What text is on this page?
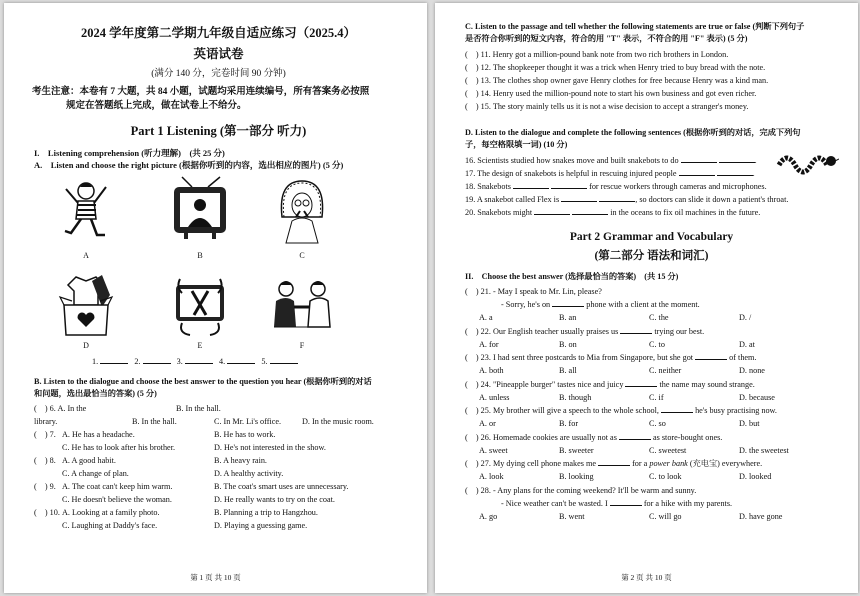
2024 学年度第二学期九年级自适应练习（2025.4）
英语试卷
(满分 140 分，完卷时间 90 分钟)
考生注意：本卷有 7 大题，共 84 小题，试题均采用连续编号，所有答案务必按照
规定在答题纸上完成，做在试卷上不给分。
Part 1 Listening (第一部分 听力)
I.　Listening comprehension (听力理解)　(共 25 分)
A.　Listen and choose the right picture (根据你听到的内容，选出相应的图片) (5 分)
A	B	C
D	E	F
1.	2.	3.	4.	5.
B. Listen to the dialogue and choose the best answer to the question you hear (根据你听到的对话
和问题，选出最恰当的答案) (5 分)
(　) 6. A. In the library.
B. In the hall.
B. In the hall.	C. In Mr. Li's office.	D. In the music room.
(　) 7. A. He has a headache.	B. He has to work.
C. He has to look after his brother.	D. He's not interested in the show.
(　) 8. A. A good habit.	B. A heavy rain.
C. A change of plan.	D. A healthy activity.
(　) 9. A. The coat can't keep him warm.	B. The coat's smart uses are unnecessary.
C. He doesn't believe the woman.	D. He really wants to try on the coat.
(　) 10. A. Looking at a family photo.	B. Planning a trip to Hangzhou.
C. Laughing at Daddy's face.	D. Playing a guessing game.
第 1 页 共 10 页
C. Listen to the passage and tell whether the following statements are true or false (判断下列句子
是否符合你听到的短文内容，符合的用 "T" 表示，不符合的用 "F" 表示) (5 分)
(　) 11. Henry got a million-pound bank note from two rich brothers in London.
(　) 12. The shopkeeper thought it was a trick when Henry tried to buy bread with the note.
(　) 13. The clothes shop owner gave Henry clothes for free because Henry was a kind man.
(　) 14. Henry used the million-pound note to start his own business and got even richer.
(　) 15. The story mainly tells us it is not a wise decision to accept a stranger's money.
D. Listen to the dialogue and complete the following sentences (根据你听到的对话，完成下列句
子，每空格限填一词) (10 分)
16. Scientists studied how snakes move and built snakebots to do	.
17. The design of snakebots is helpful in rescuing injured people	.
18. Snakebots	for rescue workers through cameras and microphones.
19. A snakebot called Flex is	, so doctors can slide it down a patient's throat.
20. Snakebots might	in the oceans to fix oil machines in the future.
Part 2 Grammar and Vocabulary
(第二部分 语法和词汇)
II.　Choose the best answer (选择最恰当的答案)　(共 15 分)
(　) 21. - May I speak to Mr. Lin, please?
- Sorry, he's on	phone with a client at the moment.
A. a	B. an	C. the	D. /
(　) 22. Our English teacher usually praises us	trying our best.
A. for	B. on	C. to	D. at
(　) 23. I had sent three postcards to Mia from Singapore, but she got	of them.
A. both	B. all	C. neither	D. none
(　) 24. "Pineapple burger" tastes nice and juicy	the name may sound strange.
A. unless	B. though	C. if	D. because
(　) 25. My brother will give a speech to the whole school,	he's busy practising now.
A. or	B. for	C. so	D. but
(　) 26. Homemade cookies are usually not as	as store-bought ones.
A. sweet	B. sweeter	C. sweetest	D. the sweetest
(　) 27. My dying cell phone makes me	for a power bank (充电宝) everywhere.
A. look	B. looking	C. to look	D. looked
(　) 28. - Any plans for the coming weekend? It'll be warm and sunny.
- Nice weather can't be wasted. I	for a hike with my parents.
A. go	B. went	C. will go	D. have gone
第 2 页 共 10 页
